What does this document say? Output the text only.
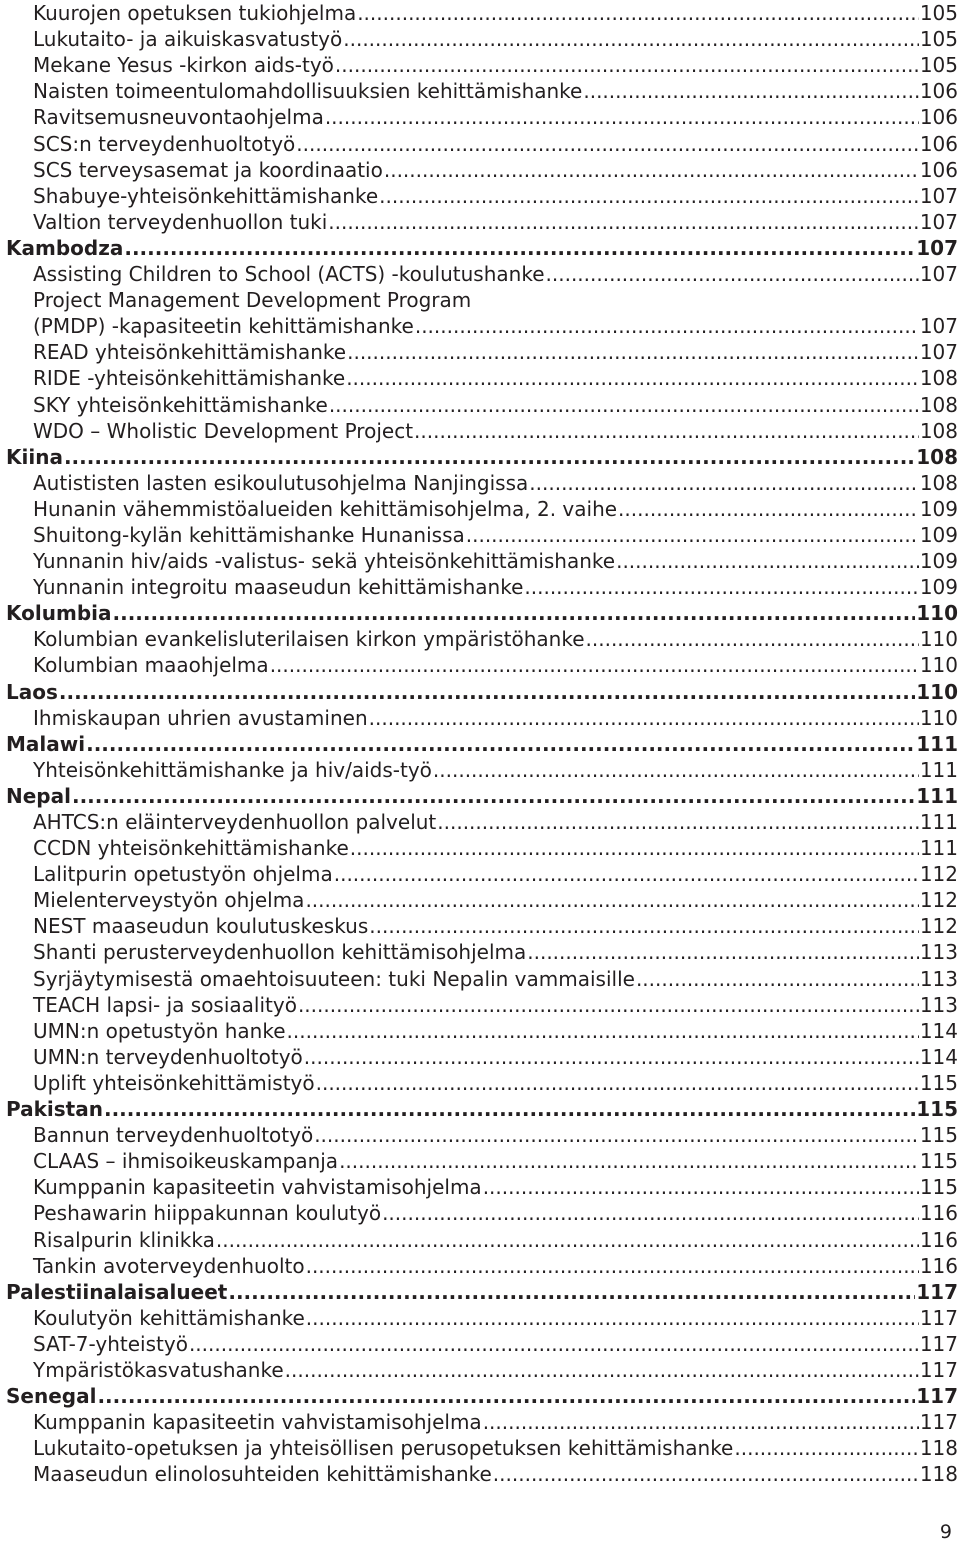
Kuurojen opetuksen tukiohjelma .....	105
Lukutaito- ja aikuiskasvatustyö .....	105
Mekane Yesus -kirkon aids-työ .....	105
Naisten toimeentulomahdollisuuksien kehittämishanke .....	106
Ravitsemusneuvontaohjelma .....	106
SCS:n terveydenhuoltotyö .....	106
SCS terveysasemat ja koordinaatio .....	106
Shabuye-yhteisönkehittämishanke .....	107
Valtion terveydenhuollon tuki .....	107
Kambodza .....	107
Assisting Children to School (ACTS) -koulutushanke .....	107
Project Management Development Program
(PMDP) -kapasiteetin kehittämishanke .....	107
READ yhteisönkehittämishanke .....	107
RIDE -yhteisönkehittämishanke .....	108
SKY yhteisönkehittämishanke .....	108
WDO – Wholistic Development Project .....	108
Kiina .....	108
Autististen lasten esikoulutusohjelma Nanjingissa .....	108
Hunanin vähemmistöalueiden kehittämisohjelma, 2. vaihe .....	109
Shuitong-kylän kehittämishanke Hunanissa .....	109
Yunnanin hiv/aids -valistus- sekä yhteisönkehittämishanke .....	109
Yunnanin integroitu maaseudun kehittämishanke .....	109
Kolumbia .....	110
Kolumbian evankelisluterilaisen kirkon ympäristöhanke .....	110
Kolumbian maaohjelma .....	110
Laos .....	110
Ihmiskaupan uhrien avustaminen .....	110
Malawi .....	111
Yhteisönkehittämishanke ja hiv/aids-työ .....	111
Nepal .....	111
AHTCS:n eläinterveydenhuollon palvelut .....	111
CCDN yhteisönkehittämishanke .....	111
Lalitpurin opetustyön ohjelma .....	112
Mielenterveystyön ohjelma .....	112
NEST maaseudun koulutuskeskus .....	112
Shanti perusterveydenhuollon kehittämisohjelma .....	113
Syrjäytymisestä omaehtoisuuteen: tuki Nepalin vammaisille .....	113
TEACH lapsi- ja sosiaalityö .....	113
UMN:n opetustyön hanke .....	114
UMN:n terveydenhuoltotyö .....	114
Uplift yhteisönkehittämistyö .....	115
Pakistan .....	115
Bannun terveydenhuoltotyö .....	115
CLAAS – ihmisoikeuskampanja .....	115
Kumppanin kapasiteetin vahvistamisohjelma .....	115
Peshawarin hiippakunnan koulutyö .....	116
Risalpurin klinikka .....	116
Tankin avoterveydenhuolto .....	116
Palestiinalaisalueet .....	117
Koulutyön kehittämishanke .....	117
SAT-7-yhteistyö .....	117
Ympäristökasvatushanke .....	117
Senegal .....	117
Kumppanin kapasiteetin vahvistamisohjelma .....	117
Lukutaito-opetuksen ja yhteisöllisen perusopetuksen kehittämishanke .....	118
Maaseudun elinolosuhteiden kehittämishanke .....	118
9
